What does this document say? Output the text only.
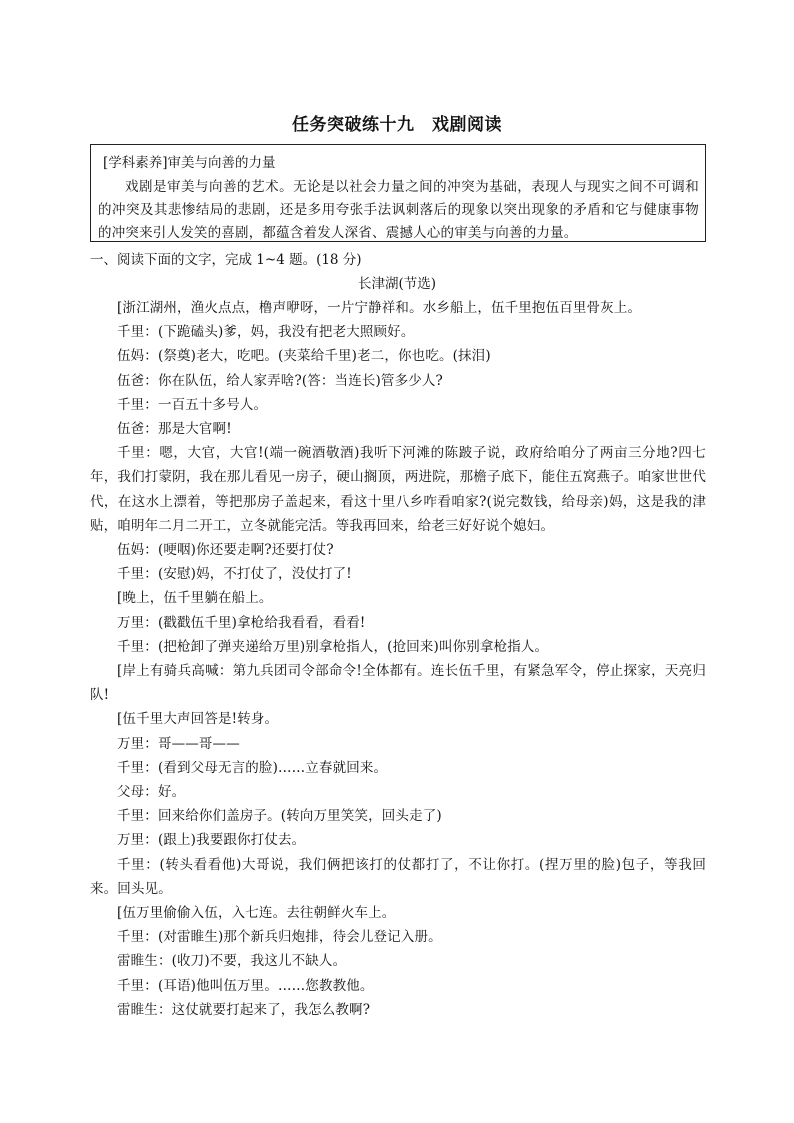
任务突破练十九　戏剧阅读
[学科素养]审美与向善的力量
戏剧是审美与向善的艺术。无论是以社会力量之间的冲突为基础，表现人与现实之间不可调和的冲突及其悲惨结局的悲剧，还是多用夸张手法讽刺落后的现象以突出现象的矛盾和它与健康事物的冲突来引人发笑的喜剧，都蕴含着发人深省、震撼人心的审美与向善的力量。
一、阅读下面的文字，完成 1~4 题。(18 分)
长津湖(节选)

[浙江湖州，渔火点点，橹声咿呀，一片宁静祥和。水乡船上，伍千里抱伍百里骨灰上。

千里：(下跪磕头)爹，妈，我没有把老大照顾好。

伍妈：(祭奠)老大，吃吧。(夹菜给千里)老二，你也吃。(抹泪)

伍爸：你在队伍，给人家弄啥?(答：当连长)管多少人?

千里：一百五十多号人。

伍爸：那是大官啊!

千里：嗯，大官，大官!(端一碗酒敬酒)我听下河滩的陈跛子说，政府给咱分了两亩三分地?四七年，我们打蒙阴，我在那儿看见一房子，硬山搁顶，两进院，那檐子底下，能住五窝燕子。咱家世世代代，在这水上漂着，等把那房子盖起来，看这十里八乡咋看咱家?(说完数钱，给母亲)妈，这是我的津贴，咱明年二月二开工，立冬就能完活。等我再回来，给老三好好说个媳妇。

伍妈：(哽咽)你还要走啊?还要打仗?

千里：(安慰)妈，不打仗了，没仗打了!

[晚上，伍千里躺在船上。

万里：(戳戳伍千里)拿枪给我看看，看看!

千里：(把枪卸了弹夹递给万里)别拿枪指人，(抢回来)叫你别拿枪指人。

[岸上有骑兵高喊：第九兵团司令部命令!全体都有。连长伍千里，有紧急军令，停止探家，天亮归队!

[伍千里大声回答是!转身。

万里：哥——哥——

千里：(看到父母无言的脸)……立春就回来。

父母：好。

千里：回来给你们盖房子。(转向万里笑笑，回头走了)

万里：(跟上)我要跟你打仗去。

千里：(转头看看他)大哥说，我们俩把该打的仗都打了，不让你打。(捏万里的脸)包子，等我回来。回头见。

[伍万里偷偷入伍，入七连。去往朝鲜火车上。

千里：(对雷睢生)那个新兵归炮排，待会儿登记入册。

雷睢生：(收刀)不要，我这儿不缺人。

千里：(耳语)他叫伍万里。……您教教他。

雷睢生：这仗就要打起来了，我怎么教啊?
